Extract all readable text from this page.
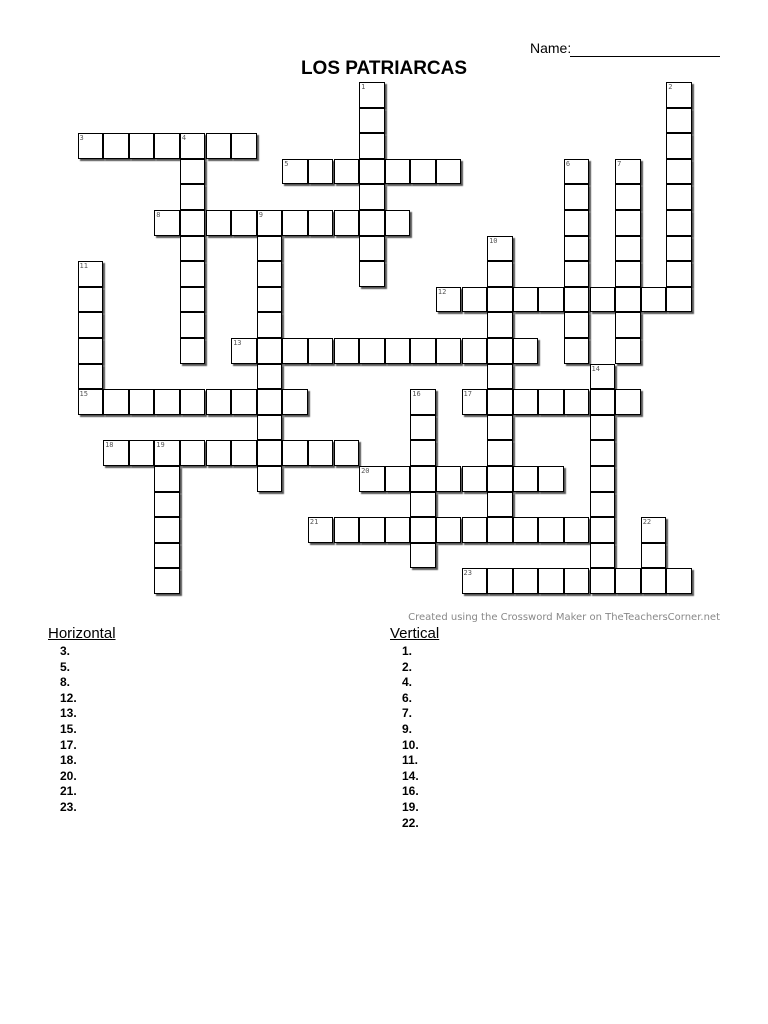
Name:
LOS PATRIARCAS
3
5
8
12
13
15	17
18
20
21
23
1	2
4
6	7
9
10
11
14
16
19
22
Created using the Crossword Maker on TheTeachersCorner.net
Horizontal
3.
5.
8.
12.
13.
15.
17.
18.
20.
21.
23.
Vertical
1.
2.
4.
6.
7.
9.
10.
11.
14.
16.
19.
22.
